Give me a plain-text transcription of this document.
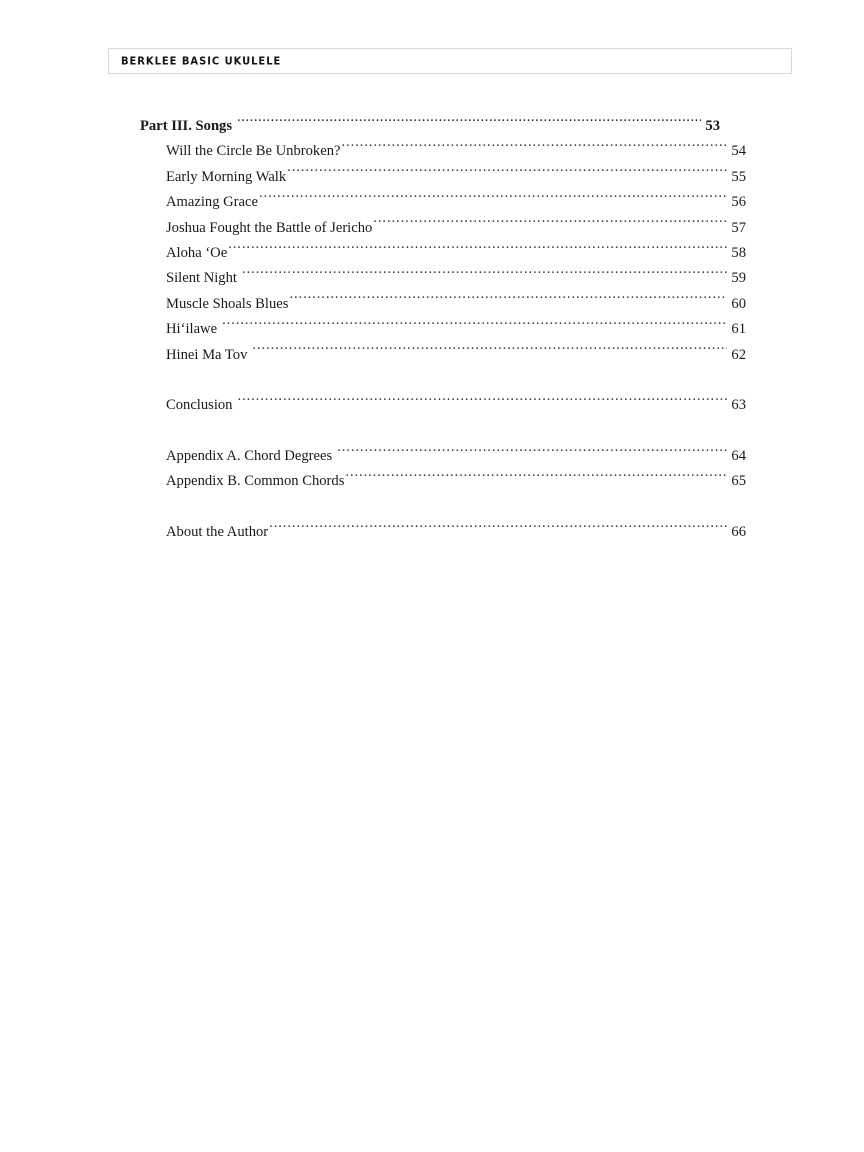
BERKLEE BASIC UKULELE
Part III. Songs .....	53
Will the Circle Be Unbroken? .....	54
Early Morning Walk .....	55
Amazing Grace .....	56
Joshua Fought the Battle of Jericho .....	57
Aloha ʻOe .....	58
Silent Night .....	59
Muscle Shoals Blues .....	60
Hiʻilawe .....	61
Hinei Ma Tov .....	62
Conclusion .....	63
Appendix A. Chord Degrees .....	64
Appendix B. Common Chords .....	65
About the Author .....	66
